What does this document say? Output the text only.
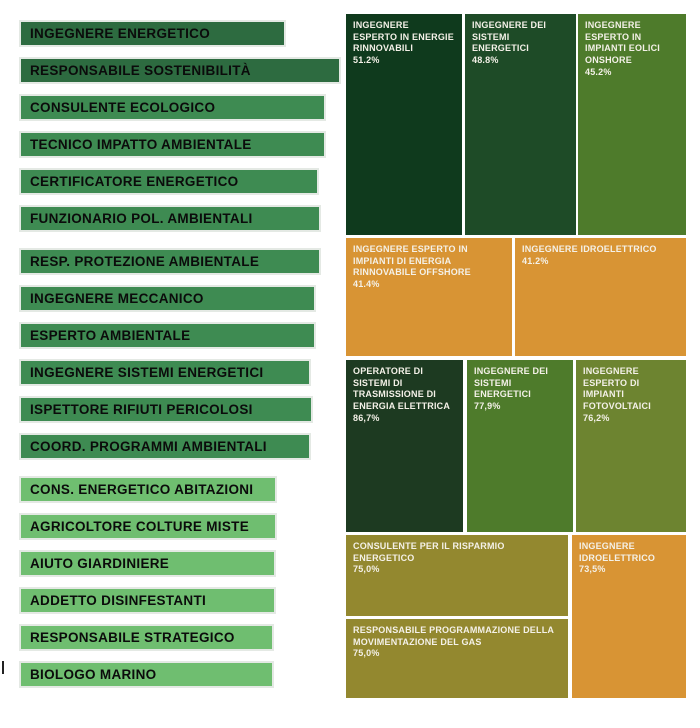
INGEGNERE ENERGETICO
RESPONSABILE SOSTENIBILITÀ
CONSULENTE ECOLOGICO
TECNICO IMPATTO AMBIENTALE
CERTIFICATORE ENERGETICO
FUNZIONARIO POL. AMBIENTALI
RESP. PROTEZIONE AMBIENTALE
INGEGNERE MECCANICO
ESPERTO AMBIENTALE
INGEGNERE SISTEMI ENERGETICI
ISPETTORE RIFIUTI PERICOLOSI
COORD. PROGRAMMI AMBIENTALI
CONS. ENERGETICO ABITAZIONI
AGRICOLTORE COLTURE MISTE
AIUTO GIARDINIERE
ADDETTO DISINFESTANTI
RESPONSABILE STRATEGICO
BIOLOGO MARINO
INGEGNERE ESPERTO IN ENERGIE RINNOVABILI
51.2%
INGEGNERE DEI SISTEMI ENERGETICI
48.8%
INGEGNERE ESPERTO IN IMPIANTI EOLICI ONSHORE
45.2%
INGEGNERE ESPERTO IN IMPIANTI DI ENERGIA RINNOVABILE OFFSHORE
41.4%
INGEGNERE IDROELETTRICO
41.2%
OPERATORE DI SISTEMI DI TRASMISSIONE DI ENERGIA ELETTRICA
86,7%
INGEGNERE DEI SISTEMI ENERGETICI
77,9%
INGEGNERE ESPERTO DI IMPIANTI FOTOVOLTAICI
76,2%
CONSULENTE PER IL RISPARMIO ENERGETICO
75,0%
RESPONSABILE PROGRAMMAZIONE DELLA MOVIMENTAZIONE DEL GAS
75,0%
INGEGNERE IDROELETTRICO
73,5%
